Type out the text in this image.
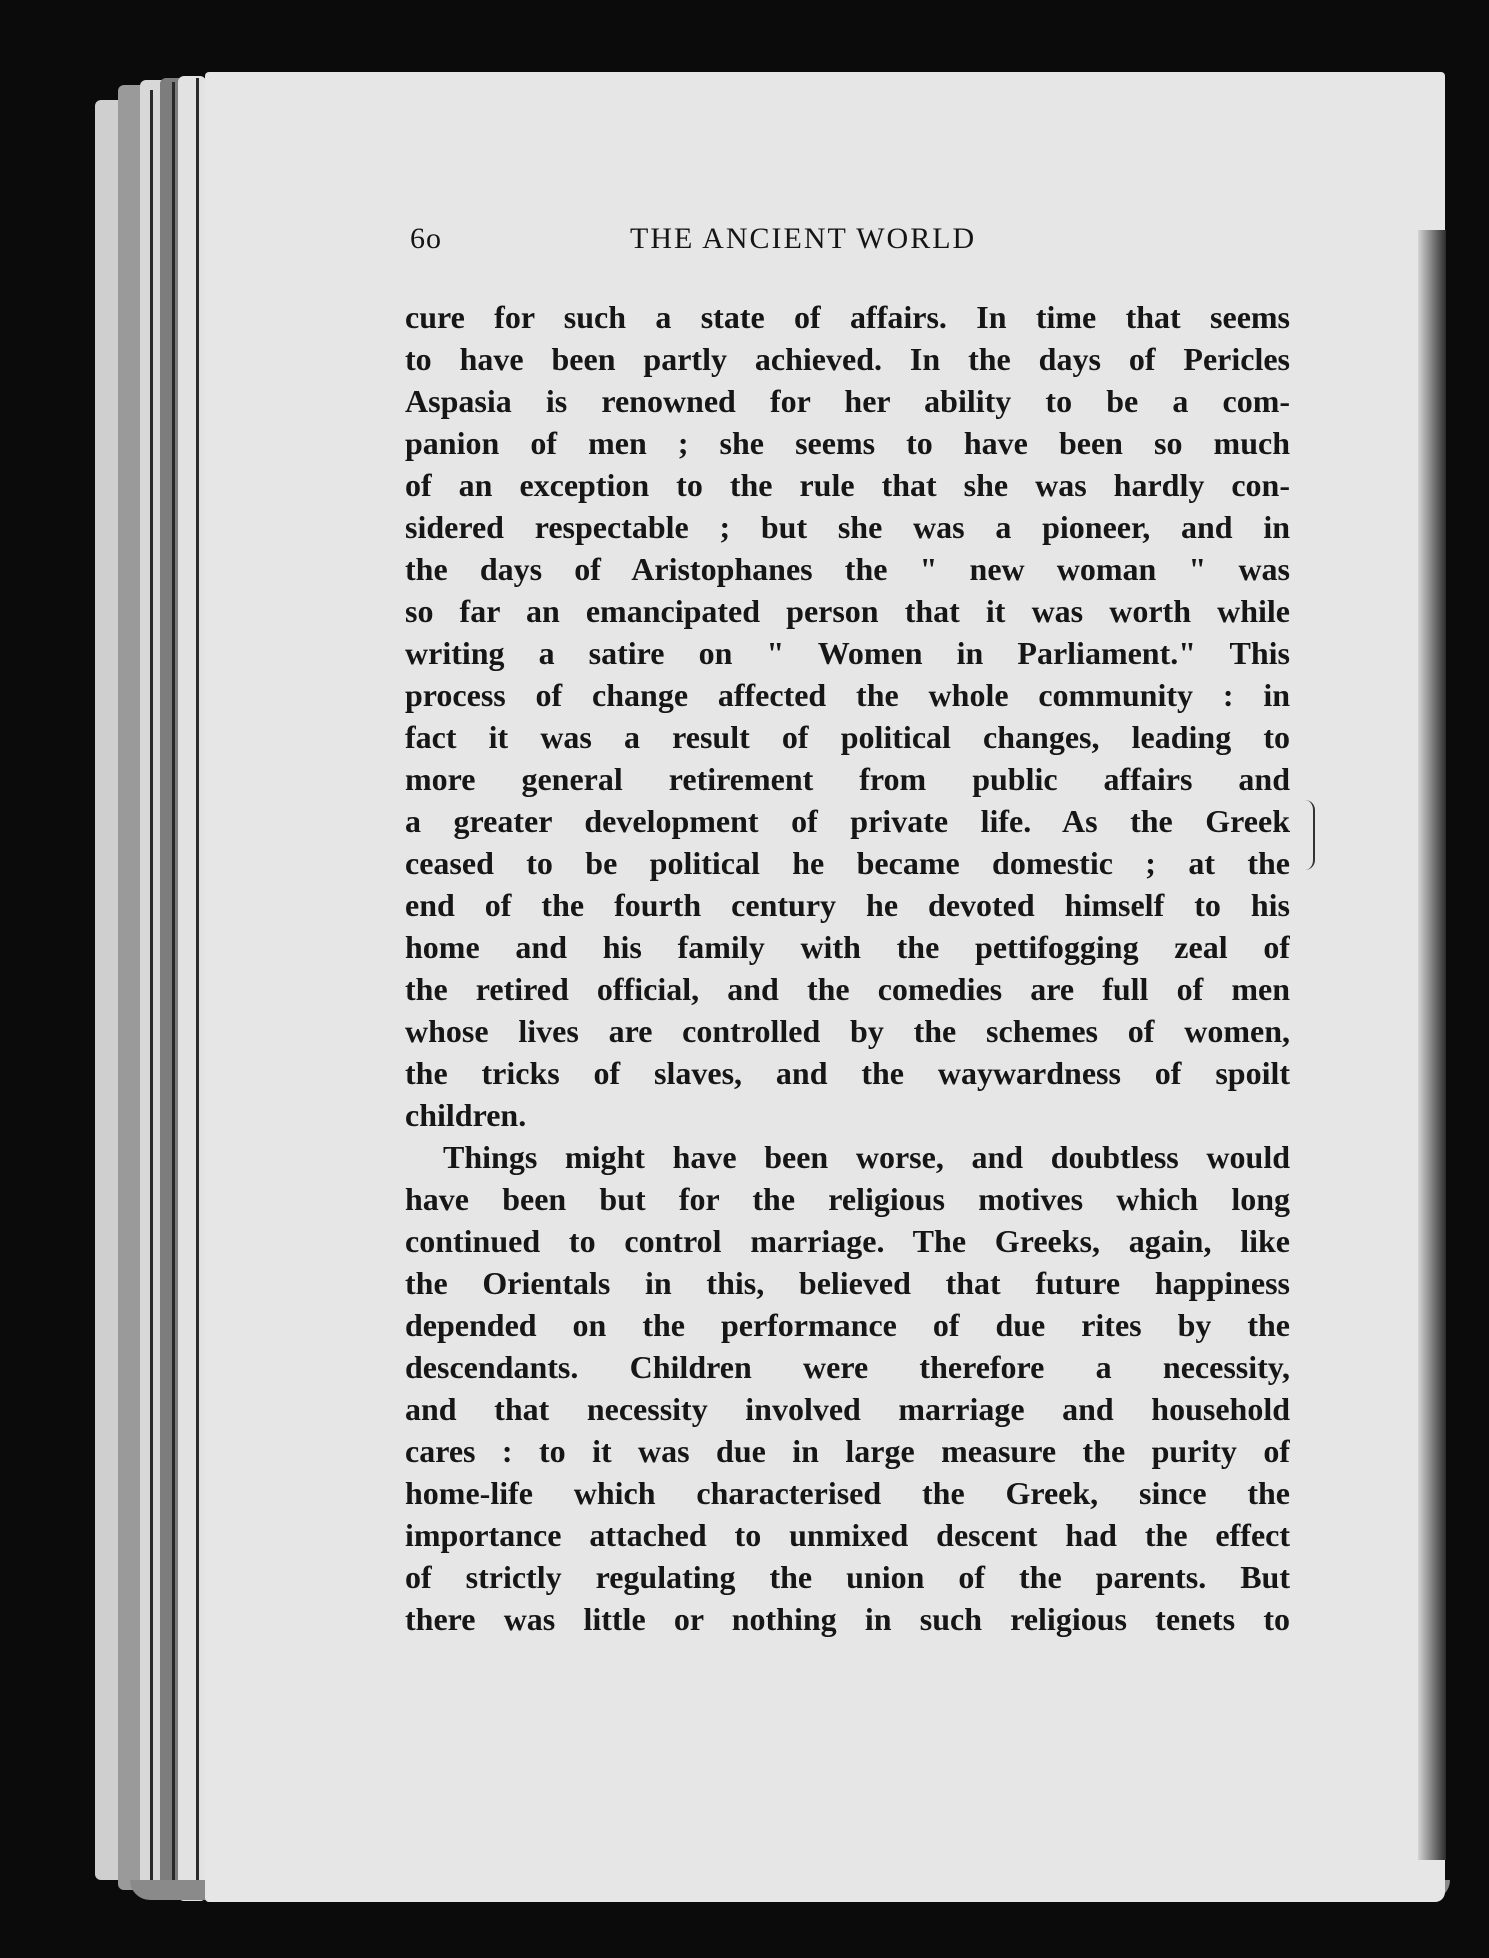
6o	THE ANCIENT WORLD
cure for such a state of affairs. In time that seems
to have been partly achieved. In the days of Pericles
Aspasia is renowned for her ability to be a com-
panion of men ; she seems to have been so much
of an exception to the rule that she was hardly con-
sidered respectable ; but she was a pioneer, and in
the days of Aristophanes the " new woman " was
so far an emancipated person that it was worth while
writing a satire on " Women in Parliament." This
process of change affected the whole community : in
fact it was a result of political changes, leading to
more general retirement from public affairs and
a greater development of private life. As the Greek
ceased to be political he became domestic ; at the
end of the fourth century he devoted himself to his
home and his family with the pettifogging zeal of
the retired official, and the comedies are full of men
whose lives are controlled by the schemes of women,
the tricks of slaves, and the waywardness of spoilt
children.
Things might have been worse, and doubtless would
have been but for the religious motives which long
continued to control marriage. The Greeks, again, like
the Orientals in this, believed that future happiness
depended on the performance of due rites by the
descendants. Children were therefore a necessity,
and that necessity involved marriage and household
cares : to it was due in large measure the purity of
home-life which characterised the Greek, since the
importance attached to unmixed descent had the effect
of strictly regulating the union of the parents. But
there was little or nothing in such religious tenets to
